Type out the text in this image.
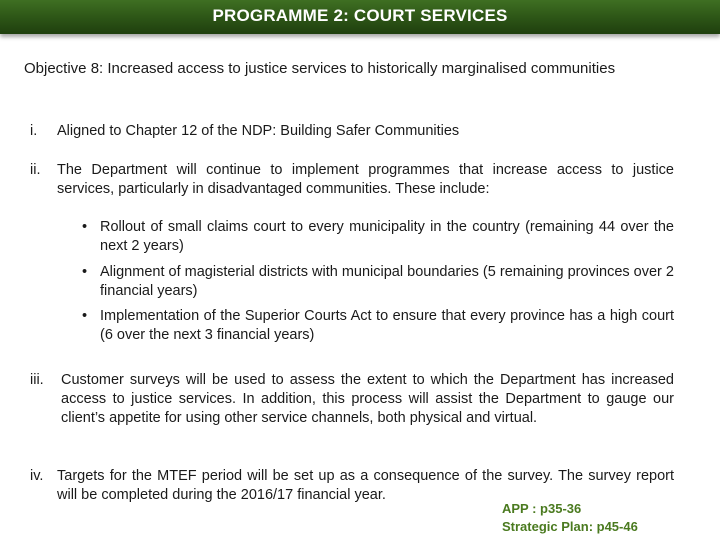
PROGRAMME 2: COURT SERVICES
Objective 8: Increased access to justice services to historically marginalised communities
i. Aligned to Chapter 12 of the NDP: Building Safer Communities
ii. The Department will continue to implement programmes that increase access to justice services, particularly in disadvantaged communities. These include:
• Rollout of small claims court to every municipality in the country (remaining 44 over the next 2 years)
• Alignment of magisterial districts with municipal boundaries (5 remaining provinces over 2 financial years)
• Implementation of the Superior Courts Act to ensure that every province has a high court (6 over the next 3 financial years)
iii. Customer surveys will be used to assess the extent to which the Department has increased access to justice services. In addition, this process will assist the Department to gauge our client’s appetite for using other service channels, both physical and virtual.
iv. Targets for the MTEF period will be set up as a consequence of the survey. The survey report will be completed during the 2016/17 financial year.
APP : p35-36
Strategic Plan: p45-46
